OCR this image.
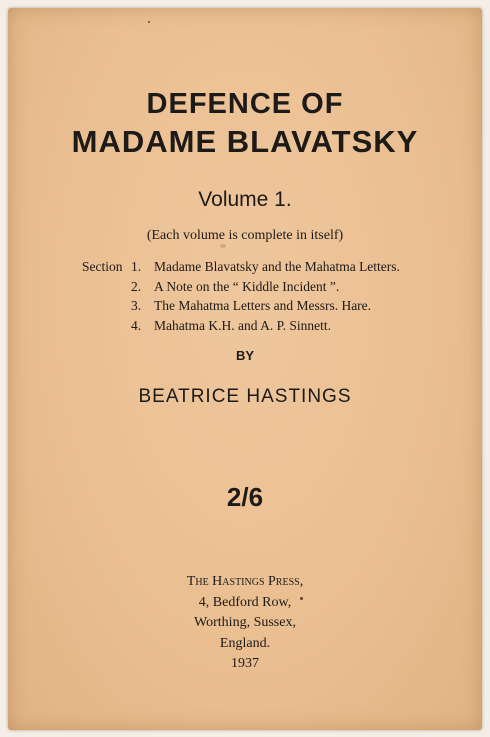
DEFENCE OF
MADAME BLAVATSKY
Volume 1.
(Each volume is complete in itself)
Section 1. Madame Blavatsky and the Mahatma Letters.
2. A Note on the “ Kiddle Incident ”.
3. The Mahatma Letters and Messrs. Hare.
4. Mahatma K.H. and A. P. Sinnett.
BY
BEATRICE HASTINGS
2/6
The Hastings Press,
4, Bedford Row,
Worthing, Sussex,
England.
1937
